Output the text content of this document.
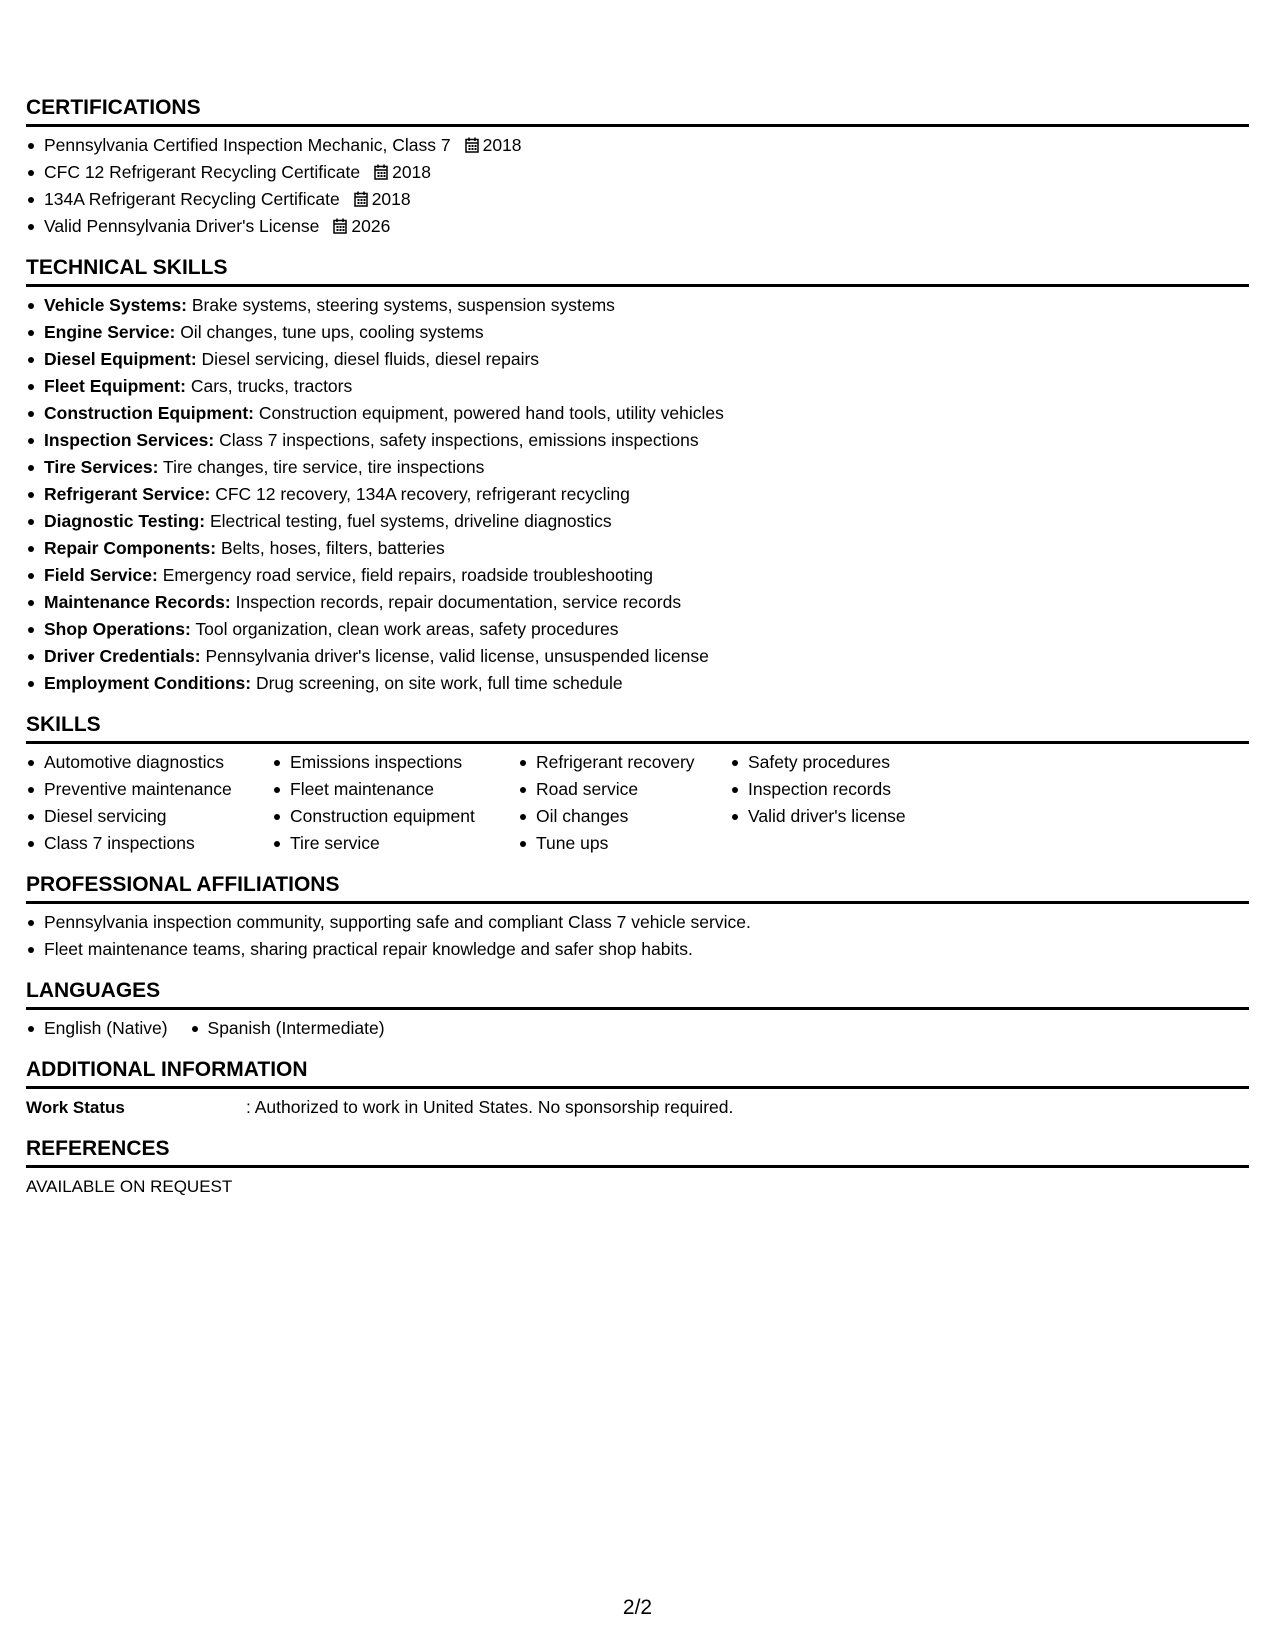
CERTIFICATIONS
Pennsylvania Certified Inspection Mechanic, Class 7 2018
CFC 12 Refrigerant Recycling Certificate 2018
134A Refrigerant Recycling Certificate 2018
Valid Pennsylvania Driver's License 2026
TECHNICAL SKILLS
Vehicle Systems: Brake systems, steering systems, suspension systems
Engine Service: Oil changes, tune ups, cooling systems
Diesel Equipment: Diesel servicing, diesel fluids, diesel repairs
Fleet Equipment: Cars, trucks, tractors
Construction Equipment: Construction equipment, powered hand tools, utility vehicles
Inspection Services: Class 7 inspections, safety inspections, emissions inspections
Tire Services: Tire changes, tire service, tire inspections
Refrigerant Service: CFC 12 recovery, 134A recovery, refrigerant recycling
Diagnostic Testing: Electrical testing, fuel systems, driveline diagnostics
Repair Components: Belts, hoses, filters, batteries
Field Service: Emergency road service, field repairs, roadside troubleshooting
Maintenance Records: Inspection records, repair documentation, service records
Shop Operations: Tool organization, clean work areas, safety procedures
Driver Credentials: Pennsylvania driver's license, valid license, unsuspended license
Employment Conditions: Drug screening, on site work, full time schedule
SKILLS
Automotive diagnostics
Preventive maintenance
Diesel servicing
Class 7 inspections
Emissions inspections
Fleet maintenance
Construction equipment
Tire service
Refrigerant recovery
Road service
Oil changes
Tune ups
Safety procedures
Inspection records
Valid driver's license
PROFESSIONAL AFFILIATIONS
Pennsylvania inspection community, supporting safe and compliant Class 7 vehicle service.
Fleet maintenance teams, sharing practical repair knowledge and safer shop habits.
LANGUAGES
English (Native)	Spanish (Intermediate)
ADDITIONAL INFORMATION
Work Status	: Authorized to work in United States. No sponsorship required.
REFERENCES
AVAILABLE ON REQUEST
2/2
